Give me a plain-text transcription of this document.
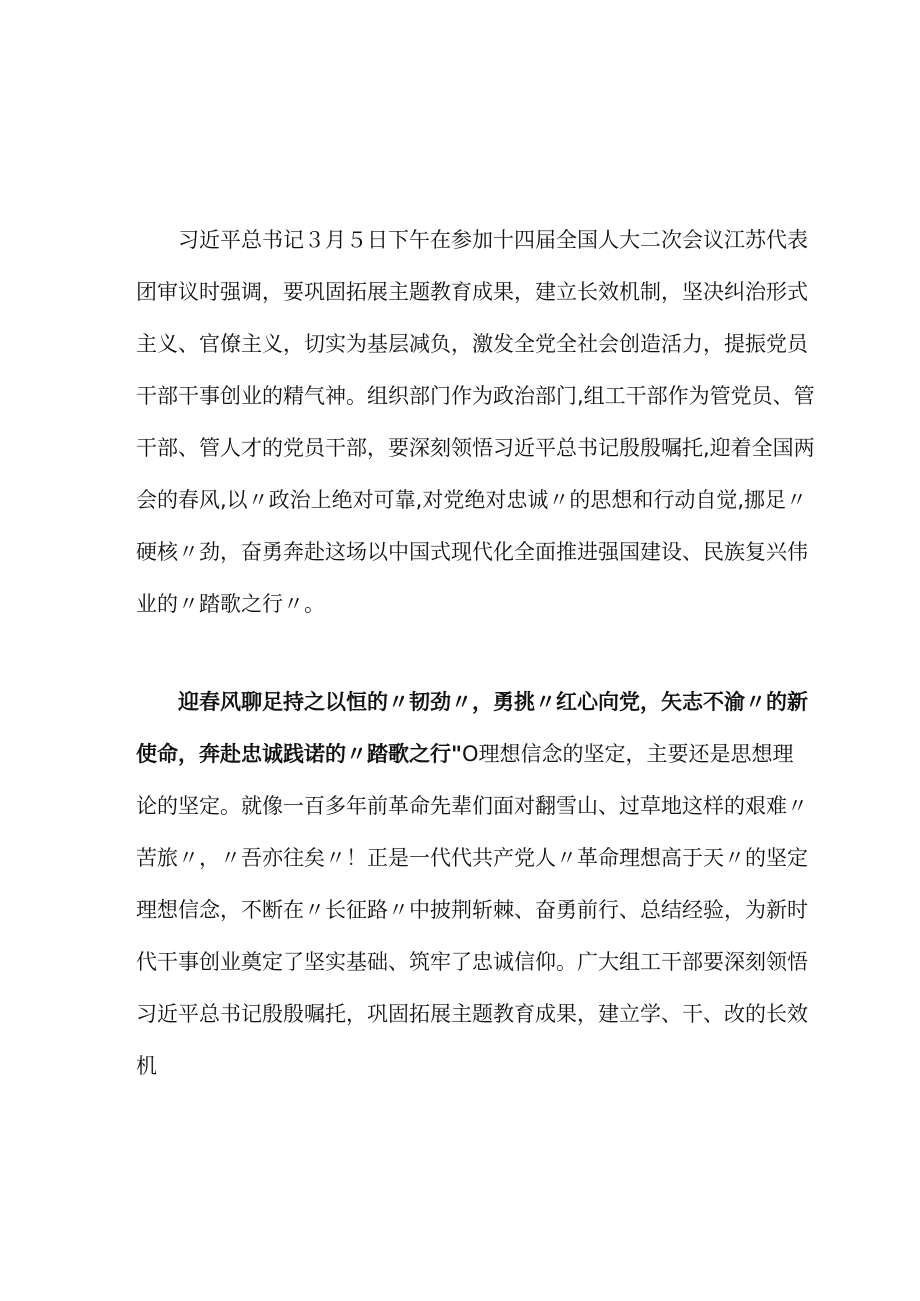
习近平总书记３月５日下午在参加十四届全国人大二次会议江苏代表
团审议时强调，要巩固拓展主题教育成果，建立长效机制，坚决纠治形式
主义、官僚主义，切实为基层减负，激发全党全社会创造活力，提振党员
干部干事创业的精气神。组织部门作为政治部门,组工干部作为管党员、管
干部、管人才的党员干部，要深刻领悟习近平总书记殷殷嘱托,迎着全国两
会的春风,以〃政治上绝对可靠,对党绝对忠诚〃的思想和行动自觉,挪足〃
硬核〃劲，奋勇奔赴这场以中国式现代化全面推进强国建设、民族复兴伟
业的〃踏歌之行〃。
迎春风聊足持之以恒的〃韧劲〃，勇挑〃红心向党，矢志不渝〃的新
使命，奔赴忠诚践诺的〃踏歌之行"O理想信念的坚定，主要还是思想理
论的坚定。就像一百多年前革命先辈们面对翻雪山、过草地这样的艰难〃
苦旅〃，〃吾亦往矣〃！正是一代代共产党人〃革命理想高于天〃的坚定
理想信念，不断在〃长征路〃中披荆斩棘、奋勇前行、总结经验，为新时
代干事创业奠定了坚实基础、筑牢了忠诚信仰。广大组工干部要深刻领悟
习近平总书记殷殷嘱托，巩固拓展主题教育成果，建立学、干、改的长效
机
